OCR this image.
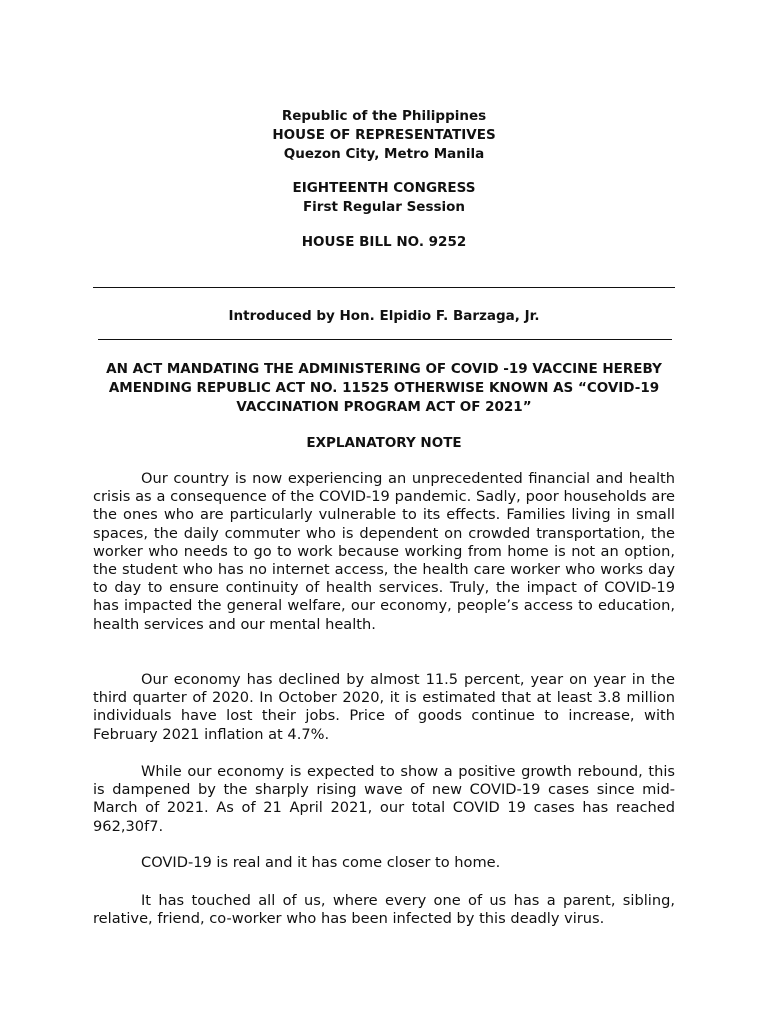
Republic of the Philippines
HOUSE OF REPRESENTATIVES
Quezon City, Metro Manila
EIGHTEENTH CONGRESS
First Regular Session
HOUSE BILL NO. 9252
Introduced by Hon. Elpidio F. Barzaga, Jr.
AN ACT MANDATING THE ADMINISTERING OF COVID -19 VACCINE HEREBY
AMENDING REPUBLIC ACT NO. 11525 OTHERWISE KNOWN AS “COVID-19
VACCINATION PROGRAM ACT OF 2021”
EXPLANATORY NOTE

Our country is now experiencing an unprecedented financial and health crisis as a consequence of the COVID-19 pandemic. Sadly, poor households are the ones who are particularly vulnerable to its effects. Families living in small spaces, the daily commuter who is dependent on crowded transportation, the worker who needs to go to work because working from home is not an option, the student who has no internet access, the health care worker who works day to day to ensure continuity of health services. Truly, the impact of COVID-19 has impacted the general welfare, our economy, people’s access to education, health services and our mental health.

Our economy has declined by almost 11.5 percent, year on year in the third quarter of 2020. In October 2020, it is estimated that at least 3.8 million individuals have lost their jobs. Price of goods continue to increase, with February 2021 inflation at 4.7%.

While our economy is expected to show a positive growth rebound, this is dampened by the sharply rising wave of new COVID-19 cases since mid-March of 2021. As of 21 April 2021, our total COVID 19 cases has reached 962,30f7.

COVID-19 is real and it has come closer to home.

It has touched all of us, where every one of us has a parent, sibling, relative, friend, co-worker who has been infected by this deadly virus.
